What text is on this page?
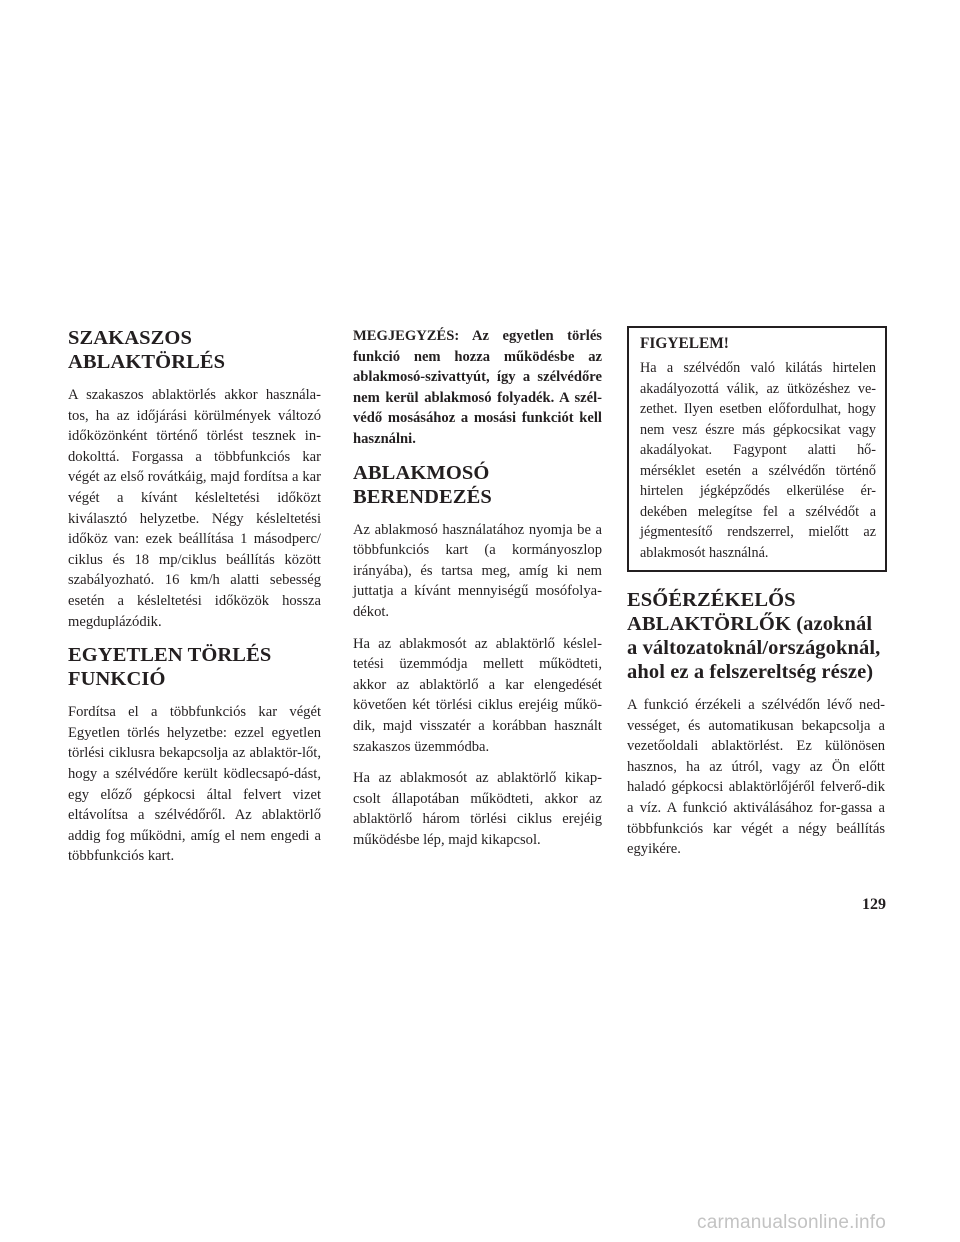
SZAKASZOS ABLAKTÖRLÉS

A szakaszos ablaktörlés akkor használa-tos, ha az időjárási körülmények változó időközönként történő törlést tesznek in-dokolttá. Forgassa a többfunkciós kar végét az első rovátkáig, majd fordítsa a kar végét a kívánt késleltetési időközt kiválasztó helyzetbe. Négy késleltetési időköz van: ezek beállítása 1 másodperc/ ciklus és 18 mp/ciklus beállítás között szabályozható. 16 km/h alatti sebesség esetén a késleltetési időközök hossza megduplázódik.

EGYETLEN TÖRLÉS FUNKCIÓ

Fordítsa el a többfunkciós kar végét Egyetlen törlés helyzetbe: ezzel egyetlen törlési ciklusra bekapcsolja az ablaktör-lőt, hogy a szélvédőre került ködlecsapó-dást, egy előző gépkocsi által felvert vizet eltávolítsa a szélvédőről. Az ablaktörlő addig fog működni, amíg el nem engedi a többfunkciós kart.

MEGJEGYZÉS: Az egyetlen törlés funkció nem hozza működésbe az ablakmosó-szivattyút, így a szélvédőre nem kerül ablakmosó folyadék. A szél-védő mosásához a mosási funkciót kell használni.

ABLAKMOSÓ BERENDEZÉS

Az ablakmosó használatához nyomja be a többfunkciós kart (a kormányoszlop irányába), és tartsa meg, amíg ki nem juttatja a kívánt mennyiségű mosófolya-dékot.

Ha az ablakmosót az ablaktörlő késlel-tetési üzemmódja mellett működteti, akkor az ablaktörlő a kar elengedését követően két törlési ciklus erejéig műkö-dik, majd visszatér a korábban használt szakaszos üzemmódba.

Ha az ablakmosót az ablaktörlő kikap-csolt állapotában működteti, akkor az ablaktörlő három törlési ciklus erejéig működésbe lép, majd kikapcsol.

FIGYELEM!

Ha a szélvédőn való kilátás hirtelen akadályozottá válik, az ütközéshez ve-zethet. Ilyen esetben előfordulhat, hogy nem vesz észre más gépkocsikat vagy akadályokat. Fagypont alatti hő-mérséklet esetén a szélvédőn történő hirtelen jégképződés elkerülése ér-dekében melegítse fel a szélvédőt a jégmentesítő rendszerrel, mielőtt az ablakmosót használná.

ESŐÉRZÉKELŐS ABLAKTÖRLŐK (azoknál a változatoknál/országoknál, ahol ez a felszereltség része)

A funkció érzékeli a szélvédőn lévő ned-vességet, és automatikusan bekapcsolja a vezetőoldali ablaktörlést. Ez különösen hasznos, ha az útról, vagy az Ön előtt haladó gépkocsi ablaktörlőjéről felverő-dik a víz. A funkció aktiválásához for-gassa a többfunkciós kar végét a négy beállítás egyikére.

129
carmanualsonline.info
